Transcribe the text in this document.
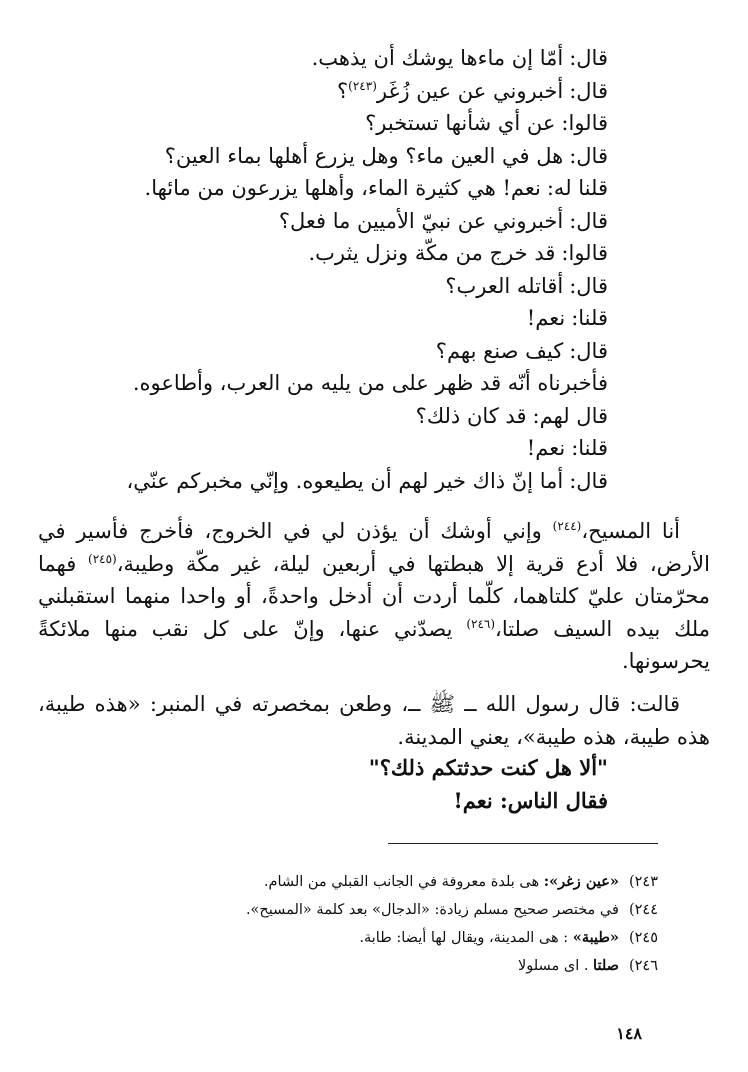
قال:أمّا إن ماءها يوشك أن يذهب.
قال:أخبروني عن عين زُغَر$^{(٢٤٣)}$؟
قالوا:عن أي شأنها تستخبر؟
قال:هل في العين ماء؟ وهل يزرع أهلها بماء العين؟
قلنا له:نعم! هي كثيرة الماء، وأهلها يزرعون من مائها.
قال:أخبروني عن نبيّ الأميين ما فعل؟
قالوا:قد خرج من مكّة ونزل يثرب.
قال:أقاتله العرب؟
قلنا:نعم!
قال:كيف صنع بهم؟
فأخبرناه أنّه قد ظهر على من يليه من العرب، وأطاعوه.
قال لهم:قد كان ذلك؟
قلنا:نعم!
قال:أما إنّ ذاك خير لهم أن يطيعوه. وإنّي مخبركم عنّي،
أنا المسيح،$^{(٢٤٤)}$ وإني أوشك أن يؤذن لي في الخروج، فأخرج فأسير في الأرض، فلا أدع قرية إلا هبطتها في أربعين ليلة، غير مكّة وطيبة،$^{(٢٤٥)}$ فهما محرّمتان عليّ كلتاهما، كلّما أردت أن أدخل واحدةً، أو واحدا منهما استقبلني ملك بيده السيف صلتا،$^{(٢٤٦)}$ يصدّني عنها، وإنّ على كل نقب منها ملائكةً يحرسونها.
قالت: قال رسول الله ــ ﷺ ــ، وطعن بمخصرته في المنبر: «هذه طيبة، هذه طيبة، هذه طيبة»، يعني المدينة.
"ألا هل كنت حدثتكم ذلك؟"
فقال الناس: نعم!
٢٤٣)«عين زغر»: هى بلدة معروفة في الجانب القبلي من الشام.
٢٤٤)في مختصر صحيح مسلم زيادة: «الدجال» بعد كلمة «المسيح».
٢٤٥)«طيبة» : هى المدينة، ويقال لها أيضا: طابة.
٢٤٦)صلتا . اى مسلولا
١٤٨
